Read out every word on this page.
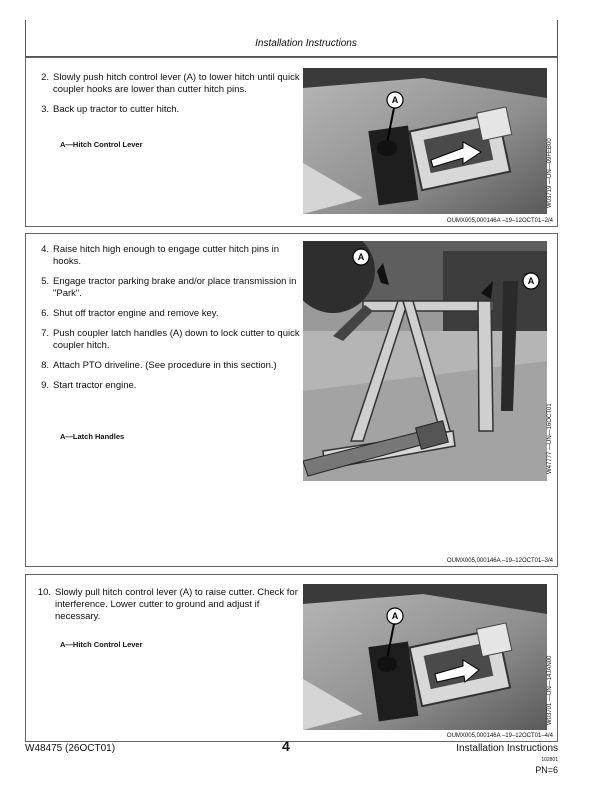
Installation Instructions
2. Slowly push hitch control lever (A) to lower hitch until quick coupler hooks are lower than cutter hitch pins.
3. Back up tractor to cutter hitch.
A—Hitch Control Lever
A
W03719 —UN—09FEB00
OUMX005,000146A –19–12OCT01–2/4
4. Raise hitch high enough to engage cutter hitch pins in hooks.
5. Engage tractor parking brake and/or place transmission in "Park".
6. Shut off tractor engine and remove key.
7. Push coupler latch handles (A) down to lock cutter to quick coupler hitch.
8. Attach PTO driveline. (See procedure in this section.)
9. Start tractor engine.
A—Latch Handles
A
A
W47777 —UN—16OCT01
OUMX005,000146A –19–12OCT01–3/4
10. Slowly pull hitch control lever (A) to raise cutter. Check for interference. Lower cutter to ground and adjust if necessary.
A—Hitch Control Lever
A
W03701 —UN—14JAN00
OUMX005,000146A –19–12OCT01–4/4
W48475 (26OCT01)	4	Installation Instructions
102801
PN=6
